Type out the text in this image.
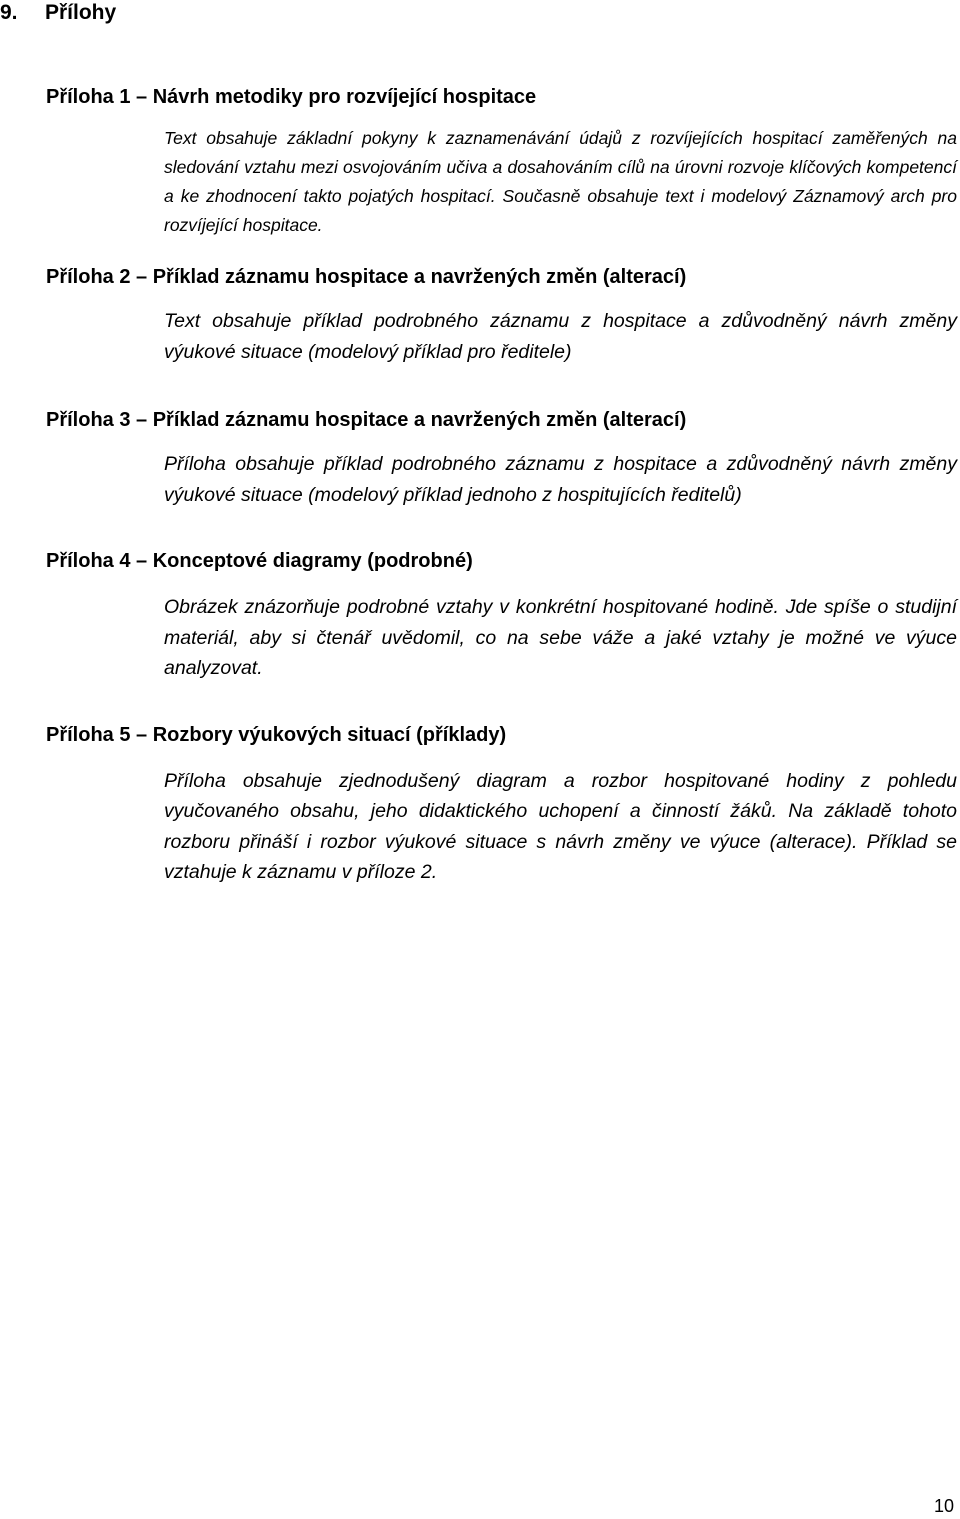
9. Přílohy
Příloha 1 – Návrh metodiky pro rozvíjející hospitace

Text obsahuje základní pokyny k zaznamenávání údajů z rozvíjejících hospitací zaměřených na sledování vztahu mezi osvojováním učiva a dosahováním cílů na úrovni rozvoje klíčových kompetencí a ke zhodnocení takto pojatých hospitací. Současně obsahuje text i modelový Záznamový arch pro rozvíjející hospitace.

Příloha 2 – Příklad záznamu hospitace a navržených změn (alterací)

Text obsahuje příklad podrobného záznamu z hospitace a zdůvodněný návrh změny výukové situace (modelový příklad pro ředitele)

Příloha 3 – Příklad záznamu hospitace a navržených změn (alterací)

Příloha obsahuje příklad podrobného záznamu z hospitace a zdůvodněný návrh změny výukové situace (modelový příklad jednoho z hospitujících ředitelů)

Příloha 4 – Konceptové diagramy (podrobné)

Obrázek znázorňuje podrobné vztahy v konkrétní hospitované hodině. Jde spíše o studijní materiál, aby si čtenář uvědomil, co na sebe váže a jaké vztahy je možné ve výuce analyzovat.

Příloha 5 – Rozbory výukových situací (příklady)

Příloha obsahuje zjednodušený diagram a rozbor hospitované hodiny z pohledu vyučovaného obsahu, jeho didaktického uchopení a činností žáků. Na základě tohoto rozboru přináší i rozbor výukové situace s návrh změny ve výuce (alterace). Příklad se vztahuje k záznamu v příloze 2.

10
